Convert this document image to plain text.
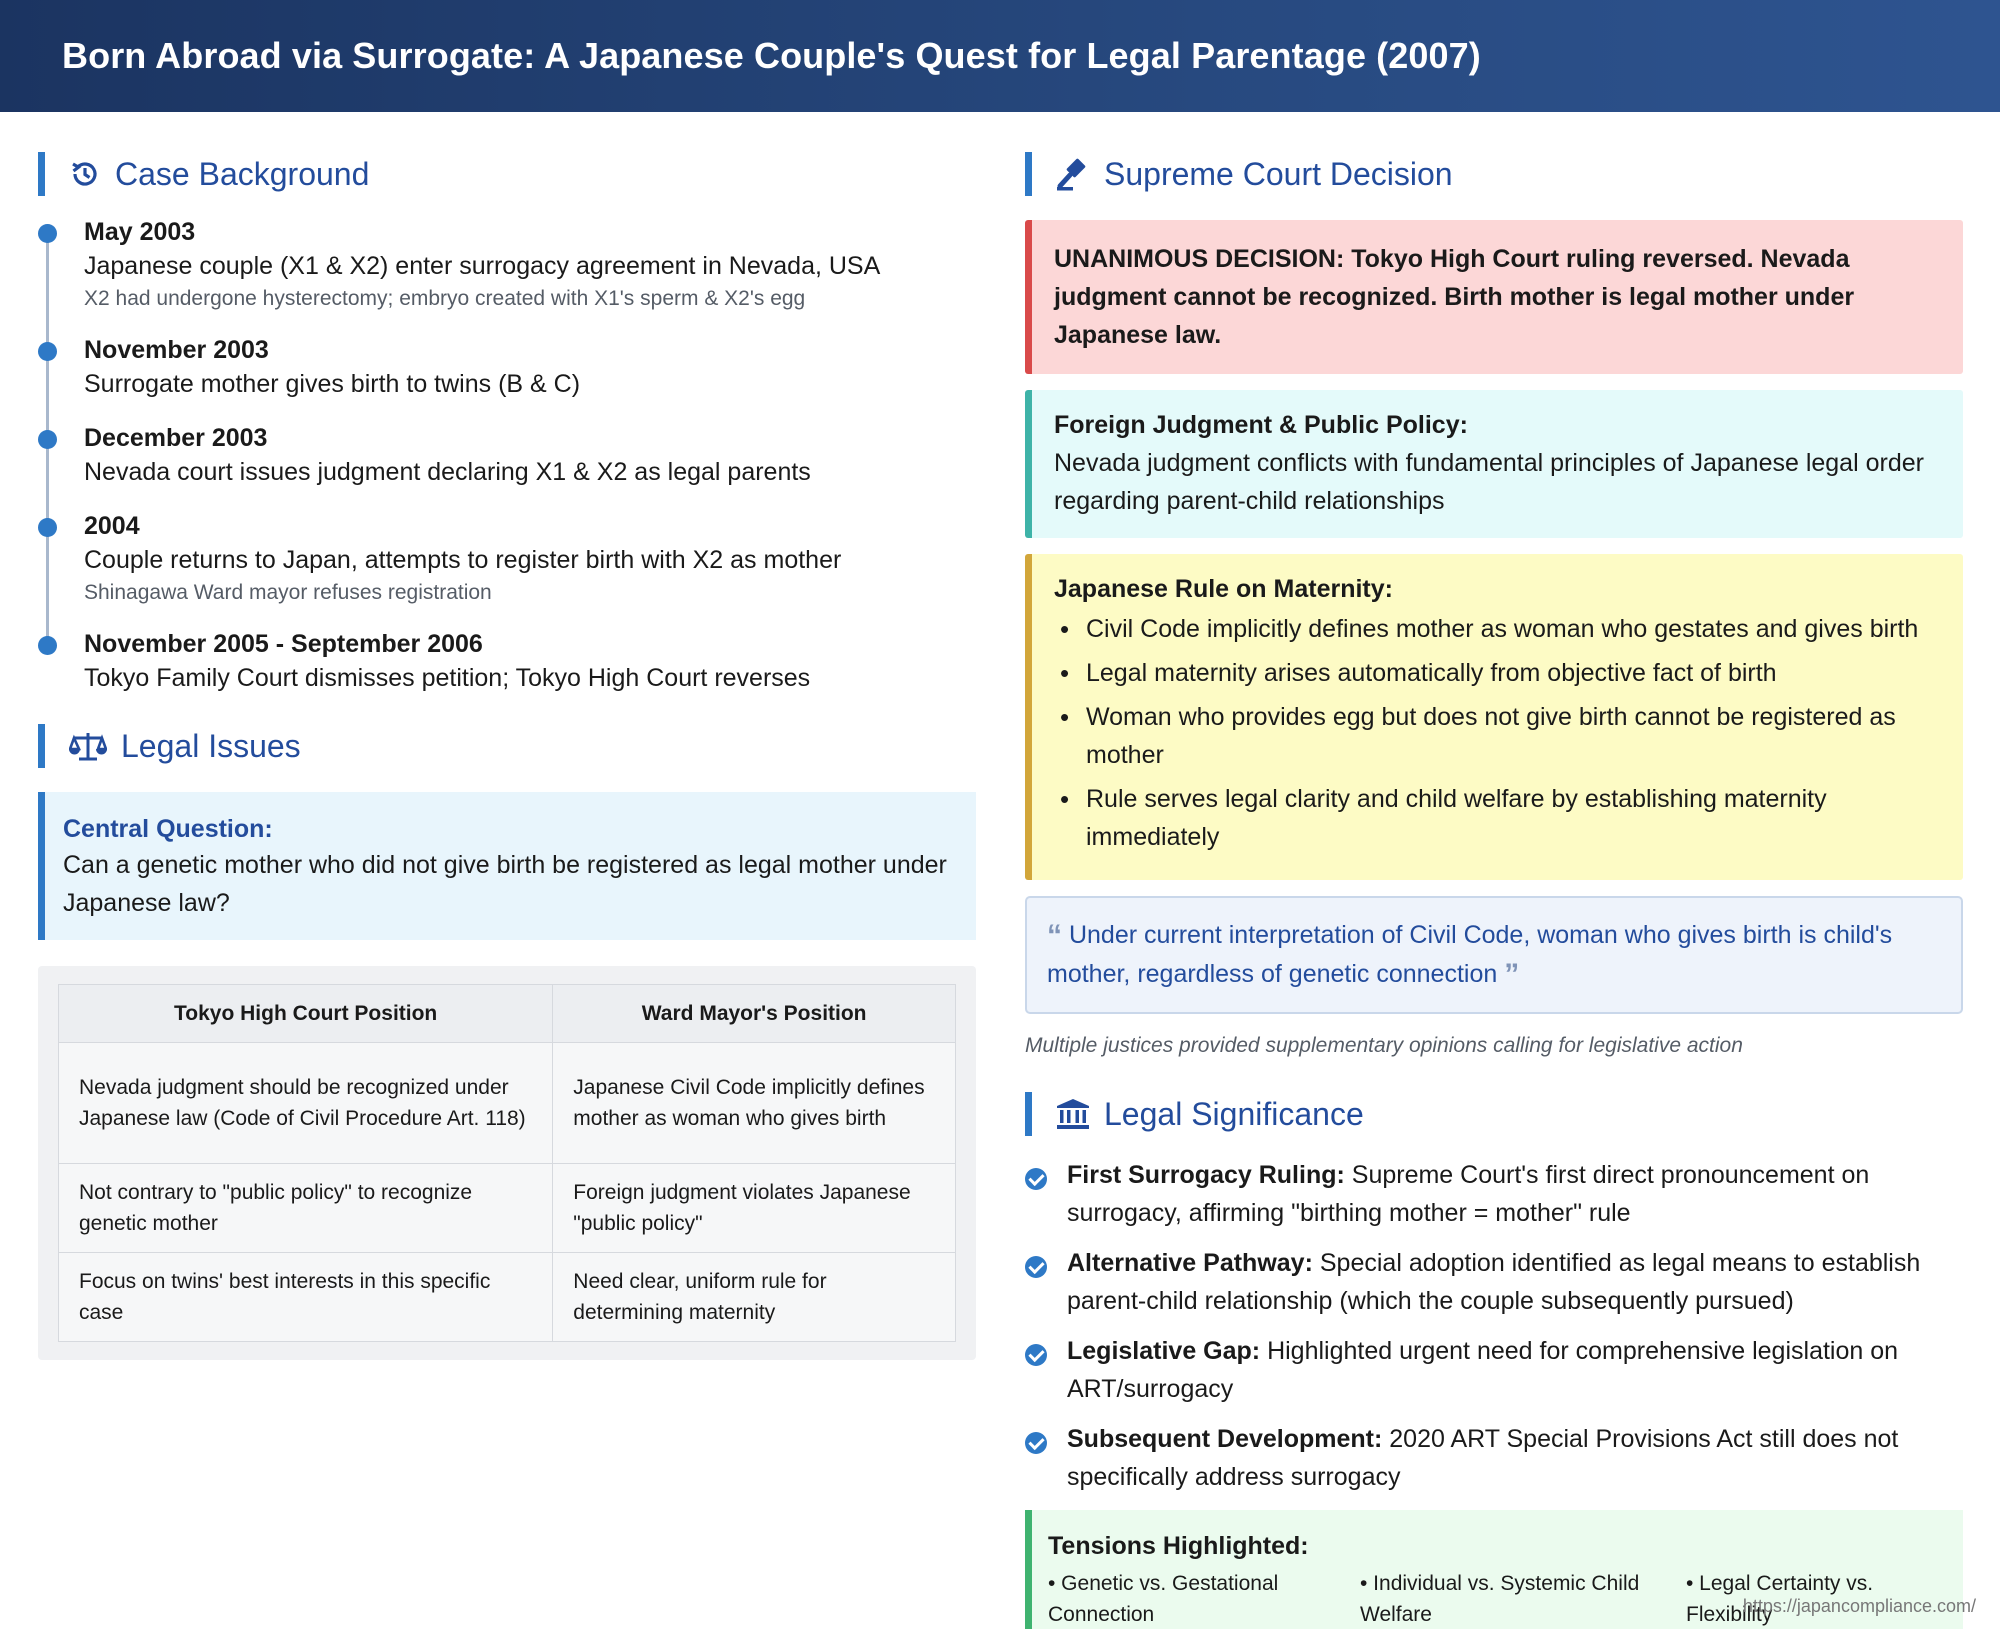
Born Abroad via Surrogate: A Japanese Couple's Quest for Legal Parentage (2007)
Case Background
May 2003
Japanese couple (X1 & X2) enter surrogacy agreement in Nevada, USA
X2 had undergone hysterectomy; embryo created with X1's sperm & X2's egg
November 2003
Surrogate mother gives birth to twins (B & C)
December 2003
Nevada court issues judgment declaring X1 & X2 as legal parents
2004
Couple returns to Japan, attempts to register birth with X2 as mother
Shinagawa Ward mayor refuses registration
November 2005 - September 2006
Tokyo Family Court dismisses petition; Tokyo High Court reverses
Legal Issues
Central Question:
Can a genetic mother who did not give birth be registered as legal mother under Japanese law?
Tokyo High Court Position	Ward Mayor's Position
Nevada judgment should be recognized under Japanese law (Code of Civil Procedure Art. 118)	Japanese Civil Code implicitly defines mother as woman who gives birth
Not contrary to "public policy" to recognize genetic mother	Foreign judgment violates Japanese "public policy"
Focus on twins' best interests in this specific case	Need clear, uniform rule for determining maternity
Supreme Court Decision
UNANIMOUS DECISION: Tokyo High Court ruling reversed. Nevada judgment cannot be recognized. Birth mother is legal mother under Japanese law.
Foreign Judgment & Public Policy:
Nevada judgment conflicts with fundamental principles of Japanese legal order regarding parent-child relationships
Japanese Rule on Maternity:
• Civil Code implicitly defines mother as woman who gestates and gives birth
• Legal maternity arises automatically from objective fact of birth
• Woman who provides egg but does not give birth cannot be registered as mother
• Rule serves legal clarity and child welfare by establishing maternity immediately
“ Under current interpretation of Civil Code, woman who gives birth is child's mother, regardless of genetic connection ”
Multiple justices provided supplementary opinions calling for legislative action
Legal Significance
First Surrogacy Ruling: Supreme Court's first direct pronouncement on surrogacy, affirming "birthing mother = mother" rule
Alternative Pathway: Special adoption identified as legal means to establish parent-child relationship (which the couple subsequently pursued)
Legislative Gap: Highlighted urgent need for comprehensive legislation on ART/surrogacy
Subsequent Development: 2020 ART Special Provisions Act still does not specifically address surrogacy
Tensions Highlighted:
• Genetic vs. Gestational Connection
• Individual vs. Systemic Child Welfare
• Legal Certainty vs. Flexibility
https://japancompliance.com/
